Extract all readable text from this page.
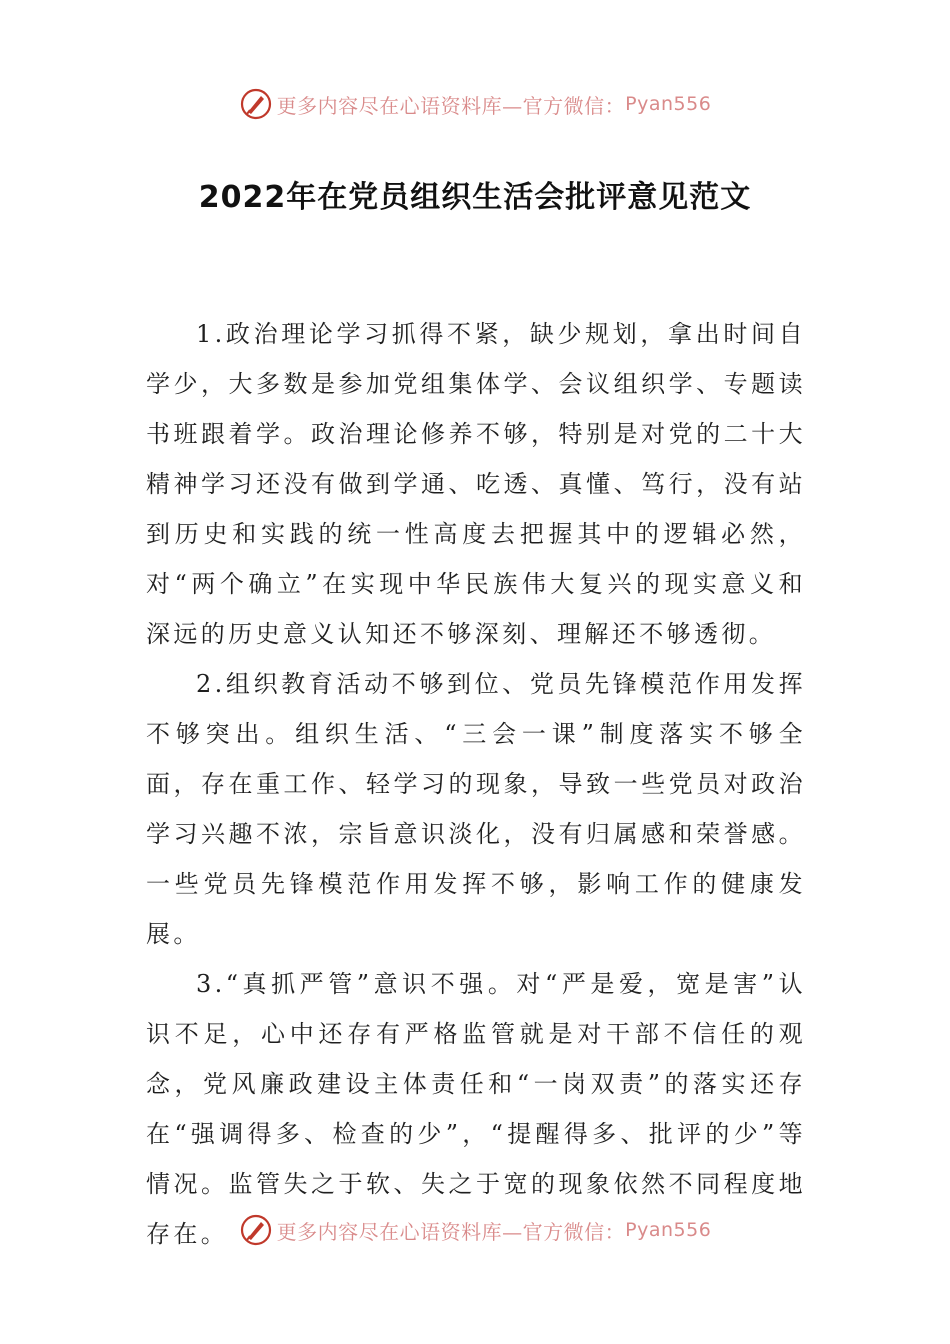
更多内容尽在心语资料库—官方微信： Pyan556
2022年在党员组织生活会批评意见范文

1.政治理论学习抓得不紧，缺少规划，拿出时间自学少，大多数是参加党组集体学、会议组织学、专题读书班跟着学。政治理论修养不够，特别是对党的二十大精神学习还没有做到学通、吃透、真懂、笃行，没有站到历史和实践的统一性高度去把握其中的逻辑必然，对“两个确立”在实现中华民族伟大复兴的现实意义和深远的历史意义认知还不够深刻、理解还不够透彻。

2.组织教育活动不够到位、党员先锋模范作用发挥不够突出。组织生活、“三会一课”制度落实不够全面，存在重工作、轻学习的现象，导致一些党员对政治学习兴趣不浓，宗旨意识淡化，没有归属感和荣誉感。一些党员先锋模范作用发挥不够，影响工作的健康发展。

3.“真抓严管”意识不强。对“严是爱，宽是害”认识不足，心中还存有严格监管就是对干部不信任的观念，党风廉政建设主体责任和“一岗双责”的落实还存在“强调得多、检查的少”，“提醒得多、批评的少”等情况。监管失之于软、失之于宽的现象依然不同程度地存在。	更多内容尽在心语资料库—官方微信： Pyan556
